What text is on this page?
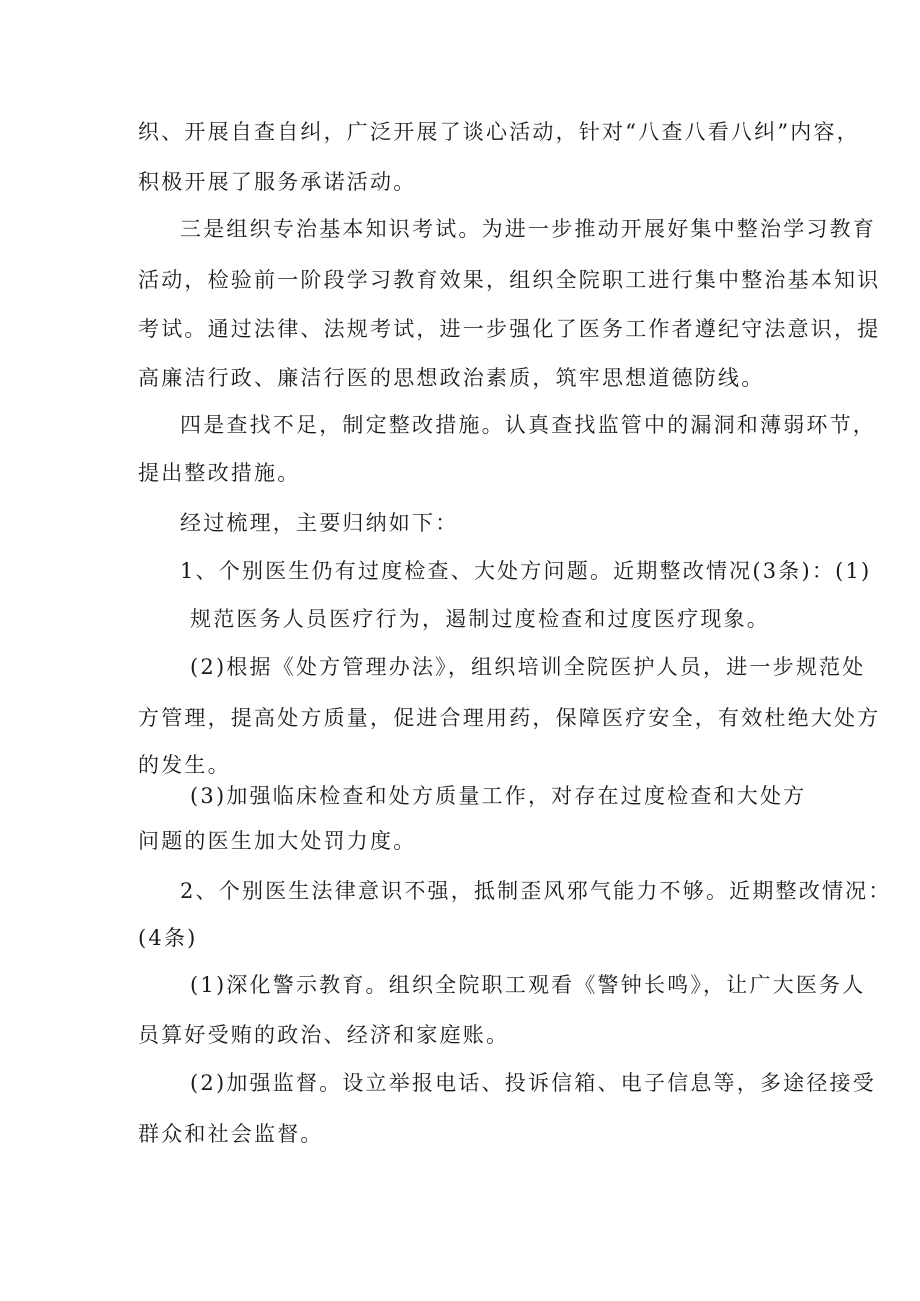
织、开展自查自纠，广泛开展了谈心活动，针对“八查八看八纠”内容，
积极开展了服务承诺活动。
三是组织专治基本知识考试。为进一步推动开展好集中整治学习教育
活动，检验前一阶段学习教育效果，组织全院职工进行集中整治基本知识
考试。通过法律、法规考试，进一步强化了医务工作者遵纪守法意识，提
高廉洁行政、廉洁行医的思想政治素质，筑牢思想道德防线。
四是查找不足，制定整改措施。认真查找监管中的漏洞和薄弱环节，
提出整改措施。
经过梳理，主要归纳如下：
1、个别医生仍有过度检查、大处方问题。近期整改情况(3条)：(1)
规范医务人员医疗行为，遏制过度检查和过度医疗现象。
(2)根据《处方管理办法》，组织培训全院医护人员，进一步规范处
方管理，提高处方质量，促进合理用药，保障医疗安全，有效杜绝大处方
的发生。
(3)加强临床检查和处方质量工作，对存在过度检查和大处方
问题的医生加大处罚力度。
2、个别医生法律意识不强，抵制歪风邪气能力不够。近期整改情况：
(4条)
(1)深化警示教育。组织全院职工观看《警钟长鸣》，让广大医务人
员算好受贿的政治、经济和家庭账。
(2)加强监督。设立举报电话、投诉信箱、电子信息等，多途径接受
群众和社会监督。
